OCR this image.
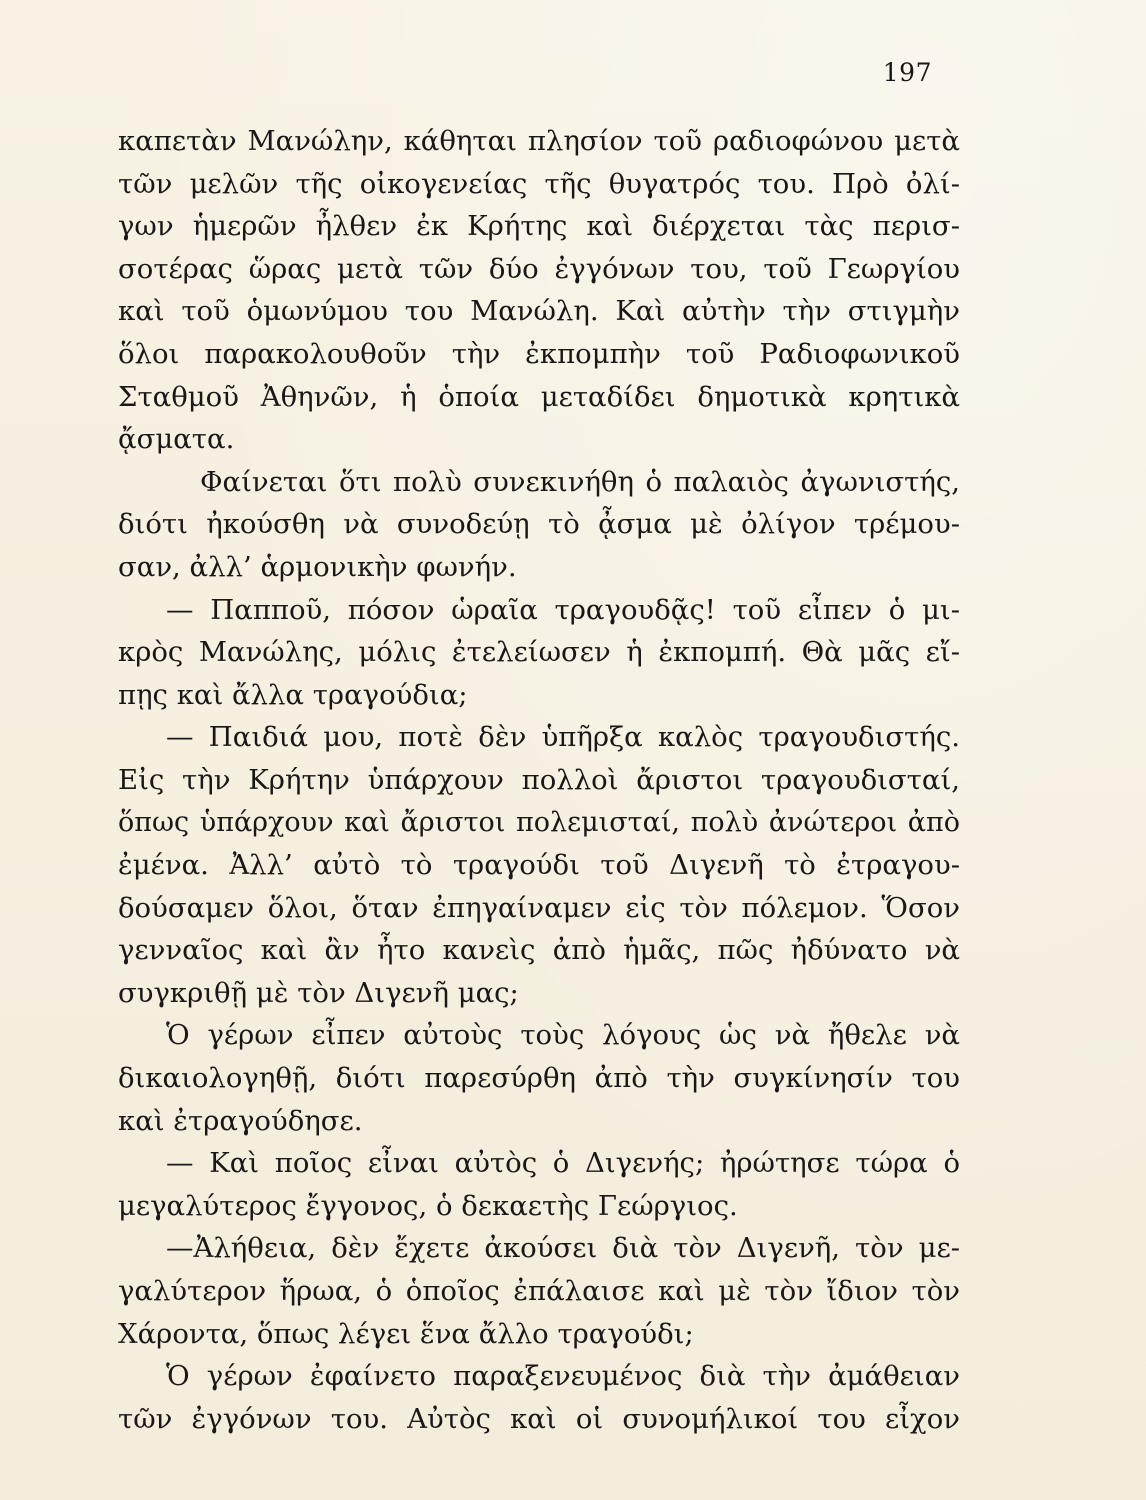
197
καπετὰν Μανώλην, κάθηται πλησίον τοῦ ραδιοφώνου μετὰ
τῶν μελῶν τῆς οἰκογενείας τῆς θυγατρός του. Πρὸ ὀλί-
γων ἡμερῶν ἦλθεν ἐκ Κρήτης καὶ διέρχεται τὰς περισ-
σοτέρας ὥρας μετὰ τῶν δύο ἐγγόνων του, τοῦ Γεωργίου
καὶ τοῦ ὁμωνύμου του Μανώλη. Καὶ αὐτὴν τὴν στιγμὴν
ὅλοι παρακολουθοῦν τὴν ἐκπομπὴν τοῦ Ραδιοφωνικοῦ
Σταθμοῦ Ἀθηνῶν, ἡ ὁποία μεταδίδει δημοτικὰ κρητικὰ
ᾄσματα.
Φαίνεται ὅτι πολὺ συνεκινήθη ὁ παλαιὸς ἀγωνιστής,
διότι ἠκούσθη νὰ συνοδεύῃ τὸ ᾆσμα μὲ ὀλίγον τρέμου-
σαν, ἀλλ’ ἁρμονικὴν φωνήν.
— Παπποῦ, πόσον ὡραῖα τραγουδᾷς! τοῦ εἶπεν ὁ μι-
κρὸς Μανώλης, μόλις ἐτελείωσεν ἡ ἐκπομπή. Θὰ μᾶς εἴ-
πῃς καὶ ἄλλα τραγούδια;
— Παιδιά μου, ποτὲ δὲν ὑπῆρξα καλὸς τραγουδιστής.
Εἰς τὴν Κρήτην ὑπάρχουν πολλοὶ ἄριστοι τραγουδισταί,
ὅπως ὑπάρχουν καὶ ἄριστοι πολεμισταί, πολὺ ἀνώτεροι ἀπὸ
ἐμένα. Ἀλλ’ αὐτὸ τὸ τραγούδι τοῦ Διγενῆ τὸ ἐτραγου-
δούσαμεν ὅλοι, ὅταν ἐπηγαίναμεν εἰς τὸν πόλεμον. Ὅσον
γενναῖος καὶ ἂν ἦτο κανεὶς ἀπὸ ἡμᾶς, πῶς ἠδύνατο νὰ
συγκριθῇ μὲ τὸν Διγενῆ μας;
Ὁ γέρων εἶπεν αὐτοὺς τοὺς λόγους ὡς νὰ ἤθελε νὰ
δικαιολογηθῇ, διότι παρεσύρθη ἀπὸ τὴν συγκίνησίν του
καὶ ἐτραγούδησε.
— Καὶ ποῖος εἶναι αὐτὸς ὁ Διγενής; ἠρώτησε τώρα ὁ
μεγαλύτερος ἔγγονος, ὁ δεκαετὴς Γεώργιος.
—Ἀλήθεια, δὲν ἔχετε ἀκούσει διὰ τὸν Διγενῆ, τὸν με-
γαλύτερον ἥρωα, ὁ ὁποῖος ἐπάλαισε καὶ μὲ τὸν ἴδιον τὸν
Χάροντα, ὅπως λέγει ἕνα ἄλλο τραγούδι;
Ὁ γέρων ἐφαίνετο παραξενευμένος διὰ τὴν ἀμάθειαν
τῶν ἐγγόνων του. Αὐτὸς καὶ οἱ συνομήλικοί του εἶχον
